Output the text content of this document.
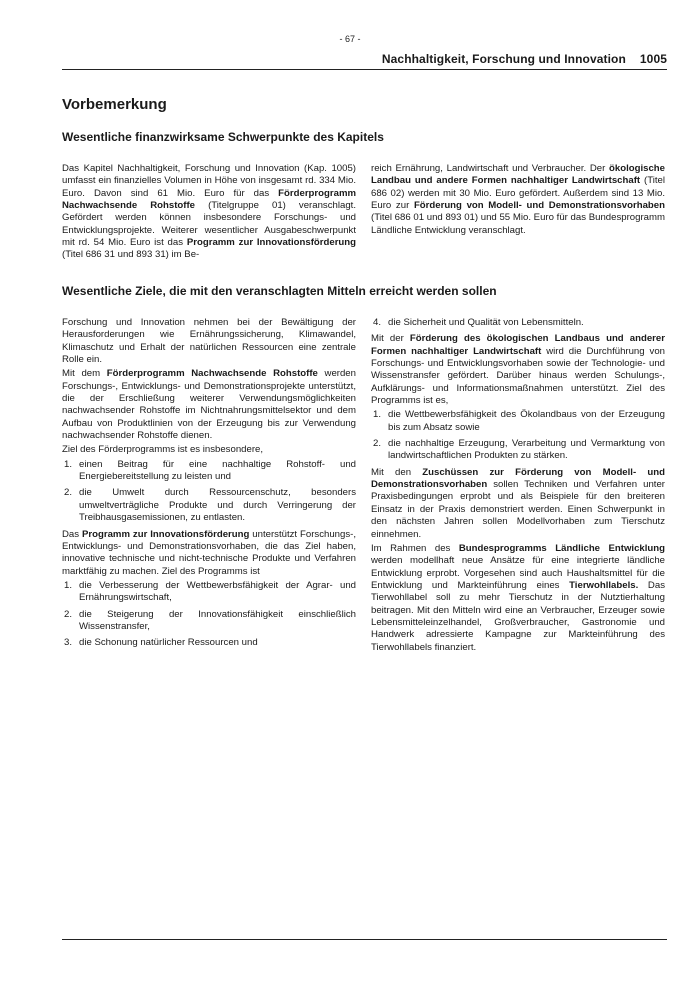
- 67 -
Nachhaltigkeit, Forschung und Innovation 1005
Vorbemerkung
Wesentliche finanzwirksame Schwerpunkte des Kapitels

Das Kapitel Nachhaltigkeit, Forschung und Innovation (Kap. 1005) umfasst ein finanzielles Volumen in Höhe von insgesamt rd. 334 Mio. Euro. Davon sind 61 Mio. Euro für das Förderprogramm Nachwachsende Rohstoffe (Titelgruppe 01) veranschlagt. Gefördert werden können insbesondere Forschungs- und Entwicklungsprojekte. Weiterer wesentlicher Ausgabeschwerpunkt mit rd. 54 Mio. Euro ist das Programm zur Innovationsförderung (Titel 686 31 und 893 31) im Be-

reich Ernährung, Landwirtschaft und Verbraucher. Der ökologische Landbau und andere Formen nachhaltiger Landwirtschaft (Titel 686 02) werden mit 30 Mio. Euro gefördert. Außerdem sind 13 Mio. Euro zur Förderung von Modell- und Demonstrationsvorhaben (Titel 686 01 und 893 01) und 55 Mio. Euro für das Bundesprogramm Ländliche Entwicklung veranschlagt.

Wesentliche Ziele, die mit den veranschlagten Mitteln erreicht werden sollen

Forschung und Innovation nehmen bei der Bewältigung der Herausforderungen wie Ernährungssicherung, Klimawandel, Klimaschutz und Erhalt der natürlichen Ressourcen eine zentrale Rolle ein.

Mit dem Förderprogramm Nachwachsende Rohstoffe werden Forschungs-, Entwicklungs- und Demonstrationsprojekte unterstützt, die der Erschließung weiterer Verwendungsmöglichkeiten nachwachsender Rohstoffe im Nichtnahrungsmittelsektor und dem Aufbau von Produktlinien von der Erzeugung bis zur Verwendung nachwachsender Rohstoffe dienen.

Ziel des Förderprogramms ist es insbesondere,

1. einen Beitrag für eine nachhaltige Rohstoff- und Energiebereitstellung zu leisten und
2. die Umwelt durch Ressourcenschutz, besonders umweltverträgliche Produkte und durch Verringerung der Treibhausgasemissionen, zu entlasten.

Das Programm zur Innovationsförderung unterstützt Forschungs-, Entwicklungs- und Demonstrationsvorhaben, die das Ziel haben, innovative technische und nicht-technische Produkte und Verfahren marktfähig zu machen. Ziel des Programms ist

1. die Verbesserung der Wettbewerbsfähigkeit der Agrar- und Ernährungswirtschaft,
2. die Steigerung der Innovationsfähigkeit einschließlich Wissenstransfer,
3. die Schonung natürlicher Ressourcen und
4. die Sicherheit und Qualität von Lebensmitteln.

Mit der Förderung des ökologischen Landbaus und anderer Formen nachhaltiger Landwirtschaft wird die Durchführung von Forschungs- und Entwicklungsvorhaben sowie der Technologie- und Wissenstransfer gefördert. Darüber hinaus werden Schulungs-, Aufklärungs- und Informationsmaßnahmen unterstützt. Ziel des Programms ist es,

1. die Wettbewerbsfähigkeit des Ökolandbaus von der Erzeugung bis zum Absatz sowie
2. die nachhaltige Erzeugung, Verarbeitung und Vermarktung von landwirtschaftlichen Produkten zu stärken.

Mit den Zuschüssen zur Förderung von Modell- und Demonstrationsvorhaben sollen Techniken und Verfahren unter Praxisbedingungen erprobt und als Beispiele für den breiteren Einsatz in der Praxis demonstriert werden. Einen Schwerpunkt in den nächsten Jahren sollen Modellvorhaben zum Tierschutz einnehmen.

Im Rahmen des Bundesprogramms Ländliche Entwicklung werden modellhaft neue Ansätze für eine integrierte ländliche Entwicklung erprobt. Vorgesehen sind auch Haushaltsmittel für die Entwicklung und Markteinführung eines Tierwohllabels. Das Tierwohllabel soll zu mehr Tierschutz in der Nutztierhaltung beitragen. Mit den Mitteln wird eine an Verbraucher, Erzeuger sowie Lebensmitteleinzelhandel, Großverbraucher, Gastronomie und Handwerk adressierte Kampagne zur Markteinführung des Tierwohllabels finanziert.
